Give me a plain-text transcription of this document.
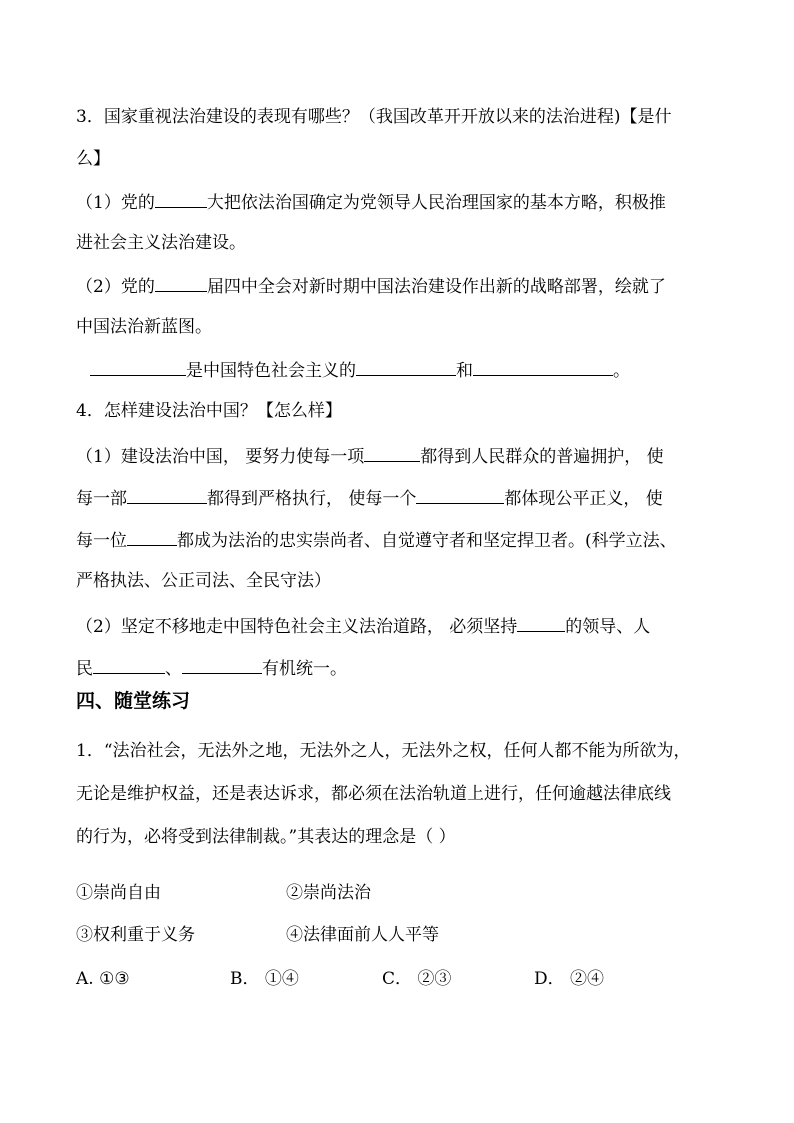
3．国家重视法治建设的表现有哪些？（我国改革开开放以来的法治进程)【是什
么】
（1）党的	大把依法治国确定为党领导人民治理国家的基本方略，积极推
进社会主义法治建设。
（2）党的	届四中全会对新时期中国法治建设作出新的战略部署，绘就了
中国法治新蓝图。
是中国特色社会主义的	和	。
4．怎样建设法治中国？【怎么样】
（1）建设法治中国， 要努力使每一项	都得到人民群众的普遍拥护， 使
每一部	都得到严格执行， 使每一个	都体现公平正义， 使
每一位	都成为法治的忠实崇尚者、自觉遵守者和坚定捍卫者。(科学立法、
严格执法、公正司法、全民守法）
（2）坚定不移地走中国特色社会主义法治道路， 必须坚持	的领导、人
民	、	有机统一。
四、随堂练习
1．“法治社会，无法外之地，无法外之人，无法外之权，任何人都不能为所欲为，
无论是维护权益，还是表达诉求，都必须在法治轨道上进行，任何逾越法律底线
的行为，必将受到法律制裁。”其表达的理念是（ ）
①崇尚自由	②崇尚法治
③权利重于义务	④法律面前人人平等
A. ①③	B． ①④	C． ②③	D． ②④
